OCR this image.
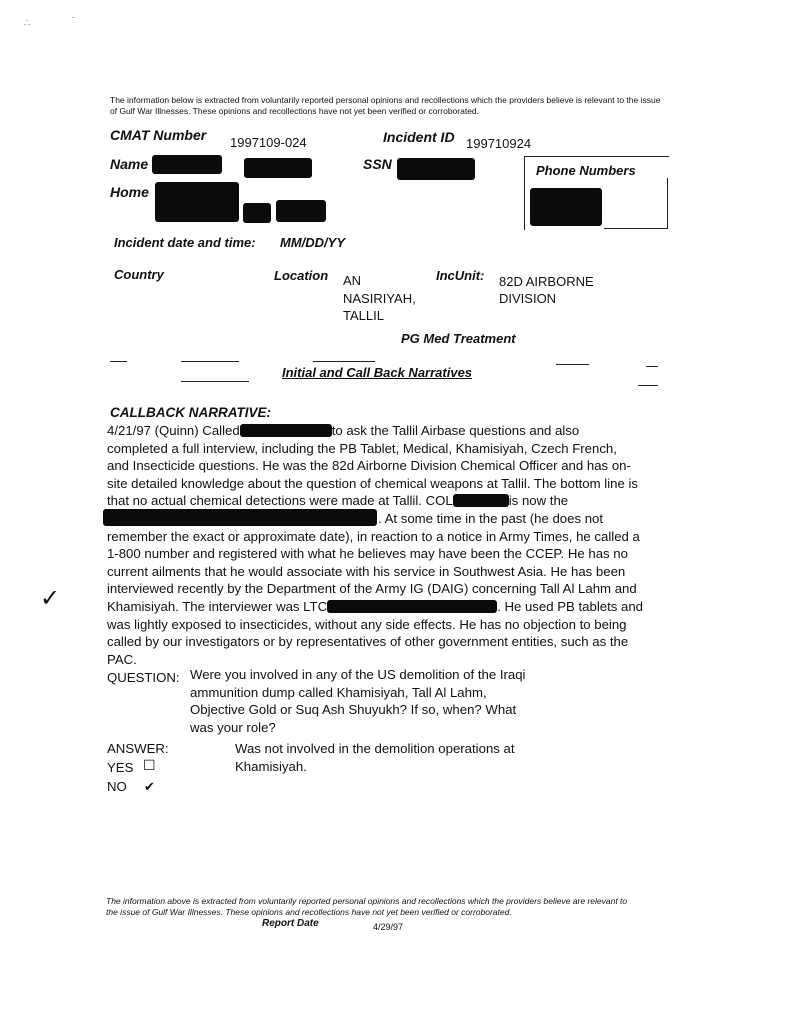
∴	¨
The information below is extracted from voluntarily reported personal opinions and recollections which the providers believe is relevant to the issue
of Gulf War Illnesses. These opinions and recollections have not yet been verified or corroborated.
CMAT Number 1997109-024	Incident ID 199710924
Name	SSN	Phone Numbers
Home
Incident date and time: MM/DD/YY
Country	Location AN
NASIRIYAH,
TALLIL
IncUnit: 82D AIRBORNE
DIVISION
PG Med Treatment
Initial and Call Back Narratives
CALLBACK NARRATIVE:
4/21/97 (Quinn) Called	to ask the Tallil Airbase questions and also
completed a full interview, including the PB Tablet, Medical, Khamisiyah, Czech French,
and Insecticide questions. He was the 82d Airborne Division Chemical Officer and has on-
site detailed knowledge about the question of chemical weapons at Tallil. The bottom line is
that no actual chemical detections were made at Tallil. COL	is now the
. At some time in the past (he does not
remember the exact or approximate date), in reaction to a notice in Army Times, he called a
1-800 number and registered with what he believes may have been the CCEP. He has no
current ailments that he would associate with his service in Southwest Asia. He has been
interviewed recently by the Department of the Army IG (DAIG) concerning Tall Al Lahm and
Khamisiyah. The interviewer was LTC	. He used PB tablets and
was lightly exposed to insecticides, without any side effects. He has no objection to being
called by our investigators or by representatives of other government entities, such as the
PAC.
✓
QUESTION: Were you involved in any of the US demolition of the Iraqi
ammunition dump called Khamisiyah, Tall Al Lahm,
Objective Gold or Suq Ash Shuyukh? If so, when? What
was your role?
ANSWER:	Was not involved in the demolition operations at
Khamisiyah.
YES ☐
NO ✔
The information above is extracted from voluntarily reported personal opinions and recollections which the providers believe are relevant to
the issue of Gulf War Illnesses. These opinions and recollections have not yet been verified or corroborated.
Report Date	4/29/97
